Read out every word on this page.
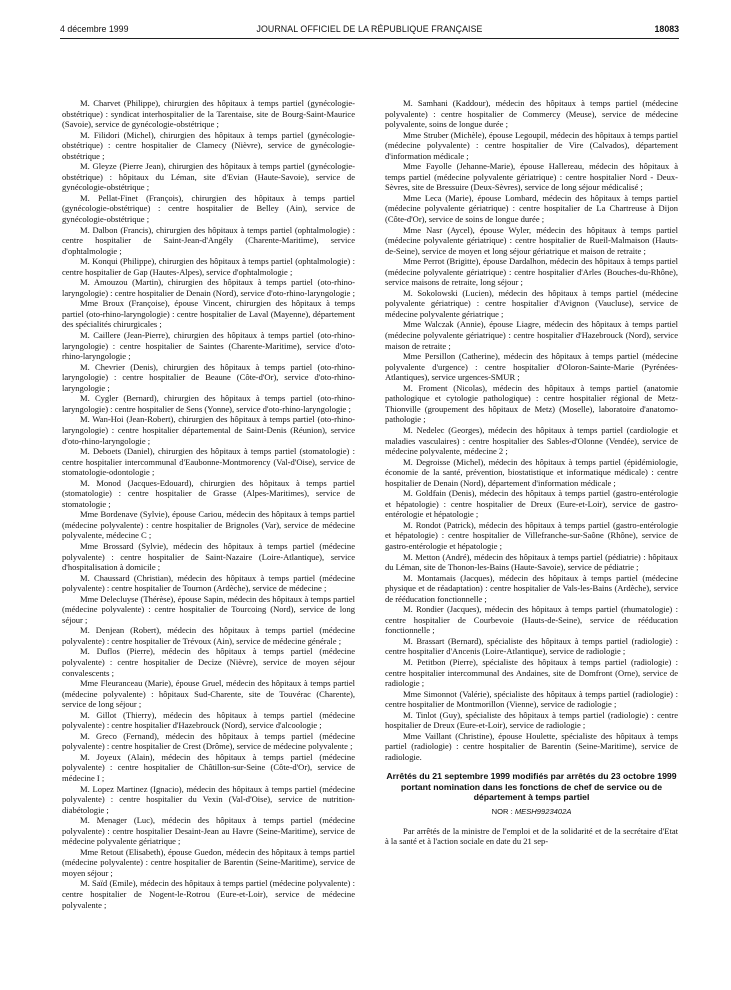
4 décembre 1999	JOURNAL OFFICIEL DE LA RÉPUBLIQUE FRANÇAISE	18083

M. Charvet (Philippe), chirurgien des hôpitaux à temps partiel (gynécologie-obstétrique) : syndicat interhospitalier de la Tarentaise, site de Bourg-Saint-Maurice (Savoie), service de gynécologie-obstétrique ;

M. Filidori (Michel), chirurgien des hôpitaux à temps partiel (gynécologie-obstétrique) : centre hospitalier de Clamecy (Nièvre), service de gynécologie-obstétrique ;

M. Gleyze (Pierre Jean), chirurgien des hôpitaux à temps partiel (gynécologie-obstétrique) : hôpitaux du Léman, site d'Evian (Haute-Savoie), service de gynécologie-obstétrique ;

M. Pellat-Finet (François), chirurgien des hôpitaux à temps partiel (gynécologie-obstétrique) : centre hospitalier de Belley (Ain), service de gynécologie-obstétrique ;

M. Dalbon (Francis), chirurgien des hôpitaux à temps partiel (ophtalmologie) : centre hospitalier de Saint-Jean-d'Angély (Charente-Maritime), service d'ophtalmologie ;

M. Konqui (Philippe), chirurgien des hôpitaux à temps partiel (ophtalmologie) : centre hospitalier de Gap (Hautes-Alpes), service d'ophtalmologie ;

M. Amouzou (Martin), chirurgien des hôpitaux à temps partiel (oto-rhino-laryngologie) : centre hospitalier de Denain (Nord), service d'oto-rhino-laryngologie ;

Mme Broux (Françoise), épouse Vincent, chirurgien des hôpitaux à temps partiel (oto-rhino-laryngologie) : centre hospitalier de Laval (Mayenne), département des spécialités chirurgicales ;

M. Caillere (Jean-Pierre), chirurgien des hôpitaux à temps partiel (oto-rhino-laryngologie) : centre hospitalier de Saintes (Charente-Maritime), service d'oto-rhino-laryngologie ;

M. Chevrier (Denis), chirurgien des hôpitaux à temps partiel (oto-rhino-laryngologie) : centre hospitalier de Beaune (Côte-d'Or), service d'oto-rhino-laryngologie ;

M. Cygler (Bernard), chirurgien des hôpitaux à temps partiel (oto-rhino-laryngologie) : centre hospitalier de Sens (Yonne), service d'oto-rhino-laryngologie ;

M. Wan-Hoi (Jean-Robert), chirurgien des hôpitaux à temps partiel (oto-rhino-laryngologie) : centre hospitalier départemental de Saint-Denis (Réunion), service d'oto-rhino-laryngologie ;

M. Deboets (Daniel), chirurgien des hôpitaux à temps partiel (stomatologie) : centre hospitalier intercommunal d'Eaubonne-Montmorency (Val-d'Oise), service de stomatologie-odontologie ;

M. Monod (Jacques-Edouard), chirurgien des hôpitaux à temps partiel (stomatologie) : centre hospitalier de Grasse (Alpes-Maritimes), service de stomatologie ;

Mme Bordenave (Sylvie), épouse Cariou, médecin des hôpitaux à temps partiel (médecine polyvalente) : centre hospitalier de Brignoles (Var), service de médecine polyvalente, médecine C ;

Mme Brossard (Sylvie), médecin des hôpitaux à temps partiel (médecine polyvalente) : centre hospitalier de Saint-Nazaire (Loire-Atlantique), service d'hospitalisation à domicile ;

M. Chaussard (Christian), médecin des hôpitaux à temps partiel (médecine polyvalente) : centre hospitalier de Tournon (Ardèche), service de médecine ;

Mme Delecluyse (Thérèse), épouse Sapin, médecin des hôpitaux à temps partiel (médecine polyvalente) : centre hospitalier de Tourcoing (Nord), service de long séjour ;

M. Denjean (Robert), médecin des hôpitaux à temps partiel (médecine polyvalente) : centre hospitalier de Trévoux (Ain), service de médecine générale ;

M. Duflos (Pierre), médecin des hôpitaux à temps partiel (médecine polyvalente) : centre hospitalier de Decize (Nièvre), service de moyen séjour convalescents ;

Mme Fleuranceau (Marie), épouse Gruel, médecin des hôpitaux à temps partiel (médecine polyvalente) : hôpitaux Sud-Charente, site de Touvérac (Charente), service de long séjour ;

M. Gillot (Thierry), médecin des hôpitaux à temps partiel (médecine polyvalente) : centre hospitalier d'Hazebrouck (Nord), service d'alcoologie ;

M. Greco (Fernand), médecin des hôpitaux à temps partiel (médecine polyvalente) : centre hospitalier de Crest (Drôme), service de médecine polyvalente ;

M. Joyeux (Alain), médecin des hôpitaux à temps partiel (médecine polyvalente) : centre hospitalier de Châtillon-sur-Seine (Côte-d'Or), service de médecine I ;

M. Lopez Martinez (Ignacio), médecin des hôpitaux à temps partiel (médecine polyvalente) : centre hospitalier du Vexin (Val-d'Oise), service de nutrition-diabétologie ;

M. Menager (Luc), médecin des hôpitaux à temps partiel (médecine polyvalente) : centre hospitalier Desaint-Jean au Havre (Seine-Maritime), service de médecine polyvalente gériatrique ;

Mme Retout (Elisabeth), épouse Guedon, médecin des hôpitaux à temps partiel (médecine polyvalente) : centre hospitalier de Barentin (Seine-Maritime), service de moyen séjour ;

M. Saïd (Emile), médecin des hôpitaux à temps partiel (médecine polyvalente) : centre hospitalier de Nogent-le-Rotrou (Eure-et-Loir), service de médecine polyvalente ;

M. Samhani (Kaddour), médecin des hôpitaux à temps partiel (médecine polyvalente) : centre hospitalier de Commercy (Meuse), service de médecine polyvalente, soins de longue durée ;

Mme Struber (Michèle), épouse Legoupil, médecin des hôpitaux à temps partiel (médecine polyvalente) : centre hospitalier de Vire (Calvados), département d'information médicale ;

Mme Fayolle (Jehanne-Marie), épouse Hallereau, médecin des hôpitaux à temps partiel (médecine polyvalente gériatrique) : centre hospitalier Nord - Deux-Sèvres, site de Bressuire (Deux-Sèvres), service de long séjour médicalisé ;

Mme Leca (Marie), épouse Lombard, médecin des hôpitaux à temps partiel (médecine polyvalente gériatrique) : centre hospitalier de La Chartreuse à Dijon (Côte-d'Or), service de soins de longue durée ;

Mme Nasr (Aycel), épouse Wyler, médecin des hôpitaux à temps partiel (médecine polyvalente gériatrique) : centre hospitalier de Rueil-Malmaison (Hauts-de-Seine), service de moyen et long séjour gériatrique et maison de retraite ;

Mme Perrot (Brigitte), épouse Dardalhon, médecin des hôpitaux à temps partiel (médecine polyvalente gériatrique) : centre hospitalier d'Arles (Bouches-du-Rhône), service maisons de retraite, long séjour ;

M. Sokolowski (Lucien), médecin des hôpitaux à temps partiel (médecine polyvalente gériatrique) : centre hospitalier d'Avignon (Vaucluse), service de médecine polyvalente gériatrique ;

Mme Walczak (Annie), épouse Liagre, médecin des hôpitaux à temps partiel (médecine polyvalente gériatrique) : centre hospitalier d'Hazebrouck (Nord), service maison de retraite ;

Mme Persillon (Catherine), médecin des hôpitaux à temps partiel (médecine polyvalente d'urgence) : centre hospitalier d'Oloron-Sainte-Marie (Pyrénées-Atlantiques), service urgences-SMUR ;

M. Froment (Nicolas), médecin des hôpitaux à temps partiel (anatomie pathologique et cytologie pathologique) : centre hospitalier régional de Metz-Thionville (groupement des hôpitaux de Metz) (Moselle), laboratoire d'anatomo-pathologie ;

M. Nedelec (Georges), médecin des hôpitaux à temps partiel (cardiologie et maladies vasculaires) : centre hospitalier des Sables-d'Olonne (Vendée), service de médecine polyvalente, médecine 2 ;

M. Degroisse (Michel), médecin des hôpitaux à temps partiel (épidémiologie, économie de la santé, prévention, biostatistique et informatique médicale) : centre hospitalier de Denain (Nord), département d'information médicale ;

M. Goldfain (Denis), médecin des hôpitaux à temps partiel (gastro-entérologie et hépatologie) : centre hospitalier de Dreux (Eure-et-Loir), service de gastro-entérologie et hépatologie ;

M. Rondot (Patrick), médecin des hôpitaux à temps partiel (gastro-entérologie et hépatologie) : centre hospitalier de Villefranche-sur-Saône (Rhône), service de gastro-entérologie et hépatologie ;

M. Metton (André), médecin des hôpitaux à temps partiel (pédiatrie) : hôpitaux du Léman, site de Thonon-les-Bains (Haute-Savoie), service de pédiatrie ;

M. Montamais (Jacques), médecin des hôpitaux à temps partiel (médecine physique et de réadaptation) : centre hospitalier de Vals-les-Bains (Ardèche), service de rééducation fonctionnelle ;

M. Rondier (Jacques), médecin des hôpitaux à temps partiel (rhumatologie) : centre hospitalier de Courbevoie (Hauts-de-Seine), service de rééducation fonctionnelle ;

M. Brassart (Bernard), spécialiste des hôpitaux à temps partiel (radiologie) : centre hospitalier d'Ancenis (Loire-Atlantique), service de radiologie ;

M. Petitbon (Pierre), spécialiste des hôpitaux à temps partiel (radiologie) : centre hospitalier intercommunal des Andaines, site de Domfront (Orne), service de radiologie ;

Mme Simonnot (Valérie), spécialiste des hôpitaux à temps partiel (radiologie) : centre hospitalier de Montmorillon (Vienne), service de radiologie ;

M. Tinlot (Guy), spécialiste des hôpitaux à temps partiel (radiologie) : centre hospitalier de Dreux (Eure-et-Loir), service de radiologie ;

Mme Vaillant (Christine), épouse Houlette, spécialiste des hôpitaux à temps partiel (radiologie) : centre hospitalier de Barentin (Seine-Maritime), service de radiologie.

Arrêtés du 21 septembre 1999 modifiés par arrêtés du 23 octobre 1999 portant nomination dans les fonctions de chef de service ou de département à temps partiel
NOR : MESH9923402A

Par arrêtés de la ministre de l'emploi et de la solidarité et de la secrétaire d'Etat à la santé et à l'action sociale en date du 21 sep-
